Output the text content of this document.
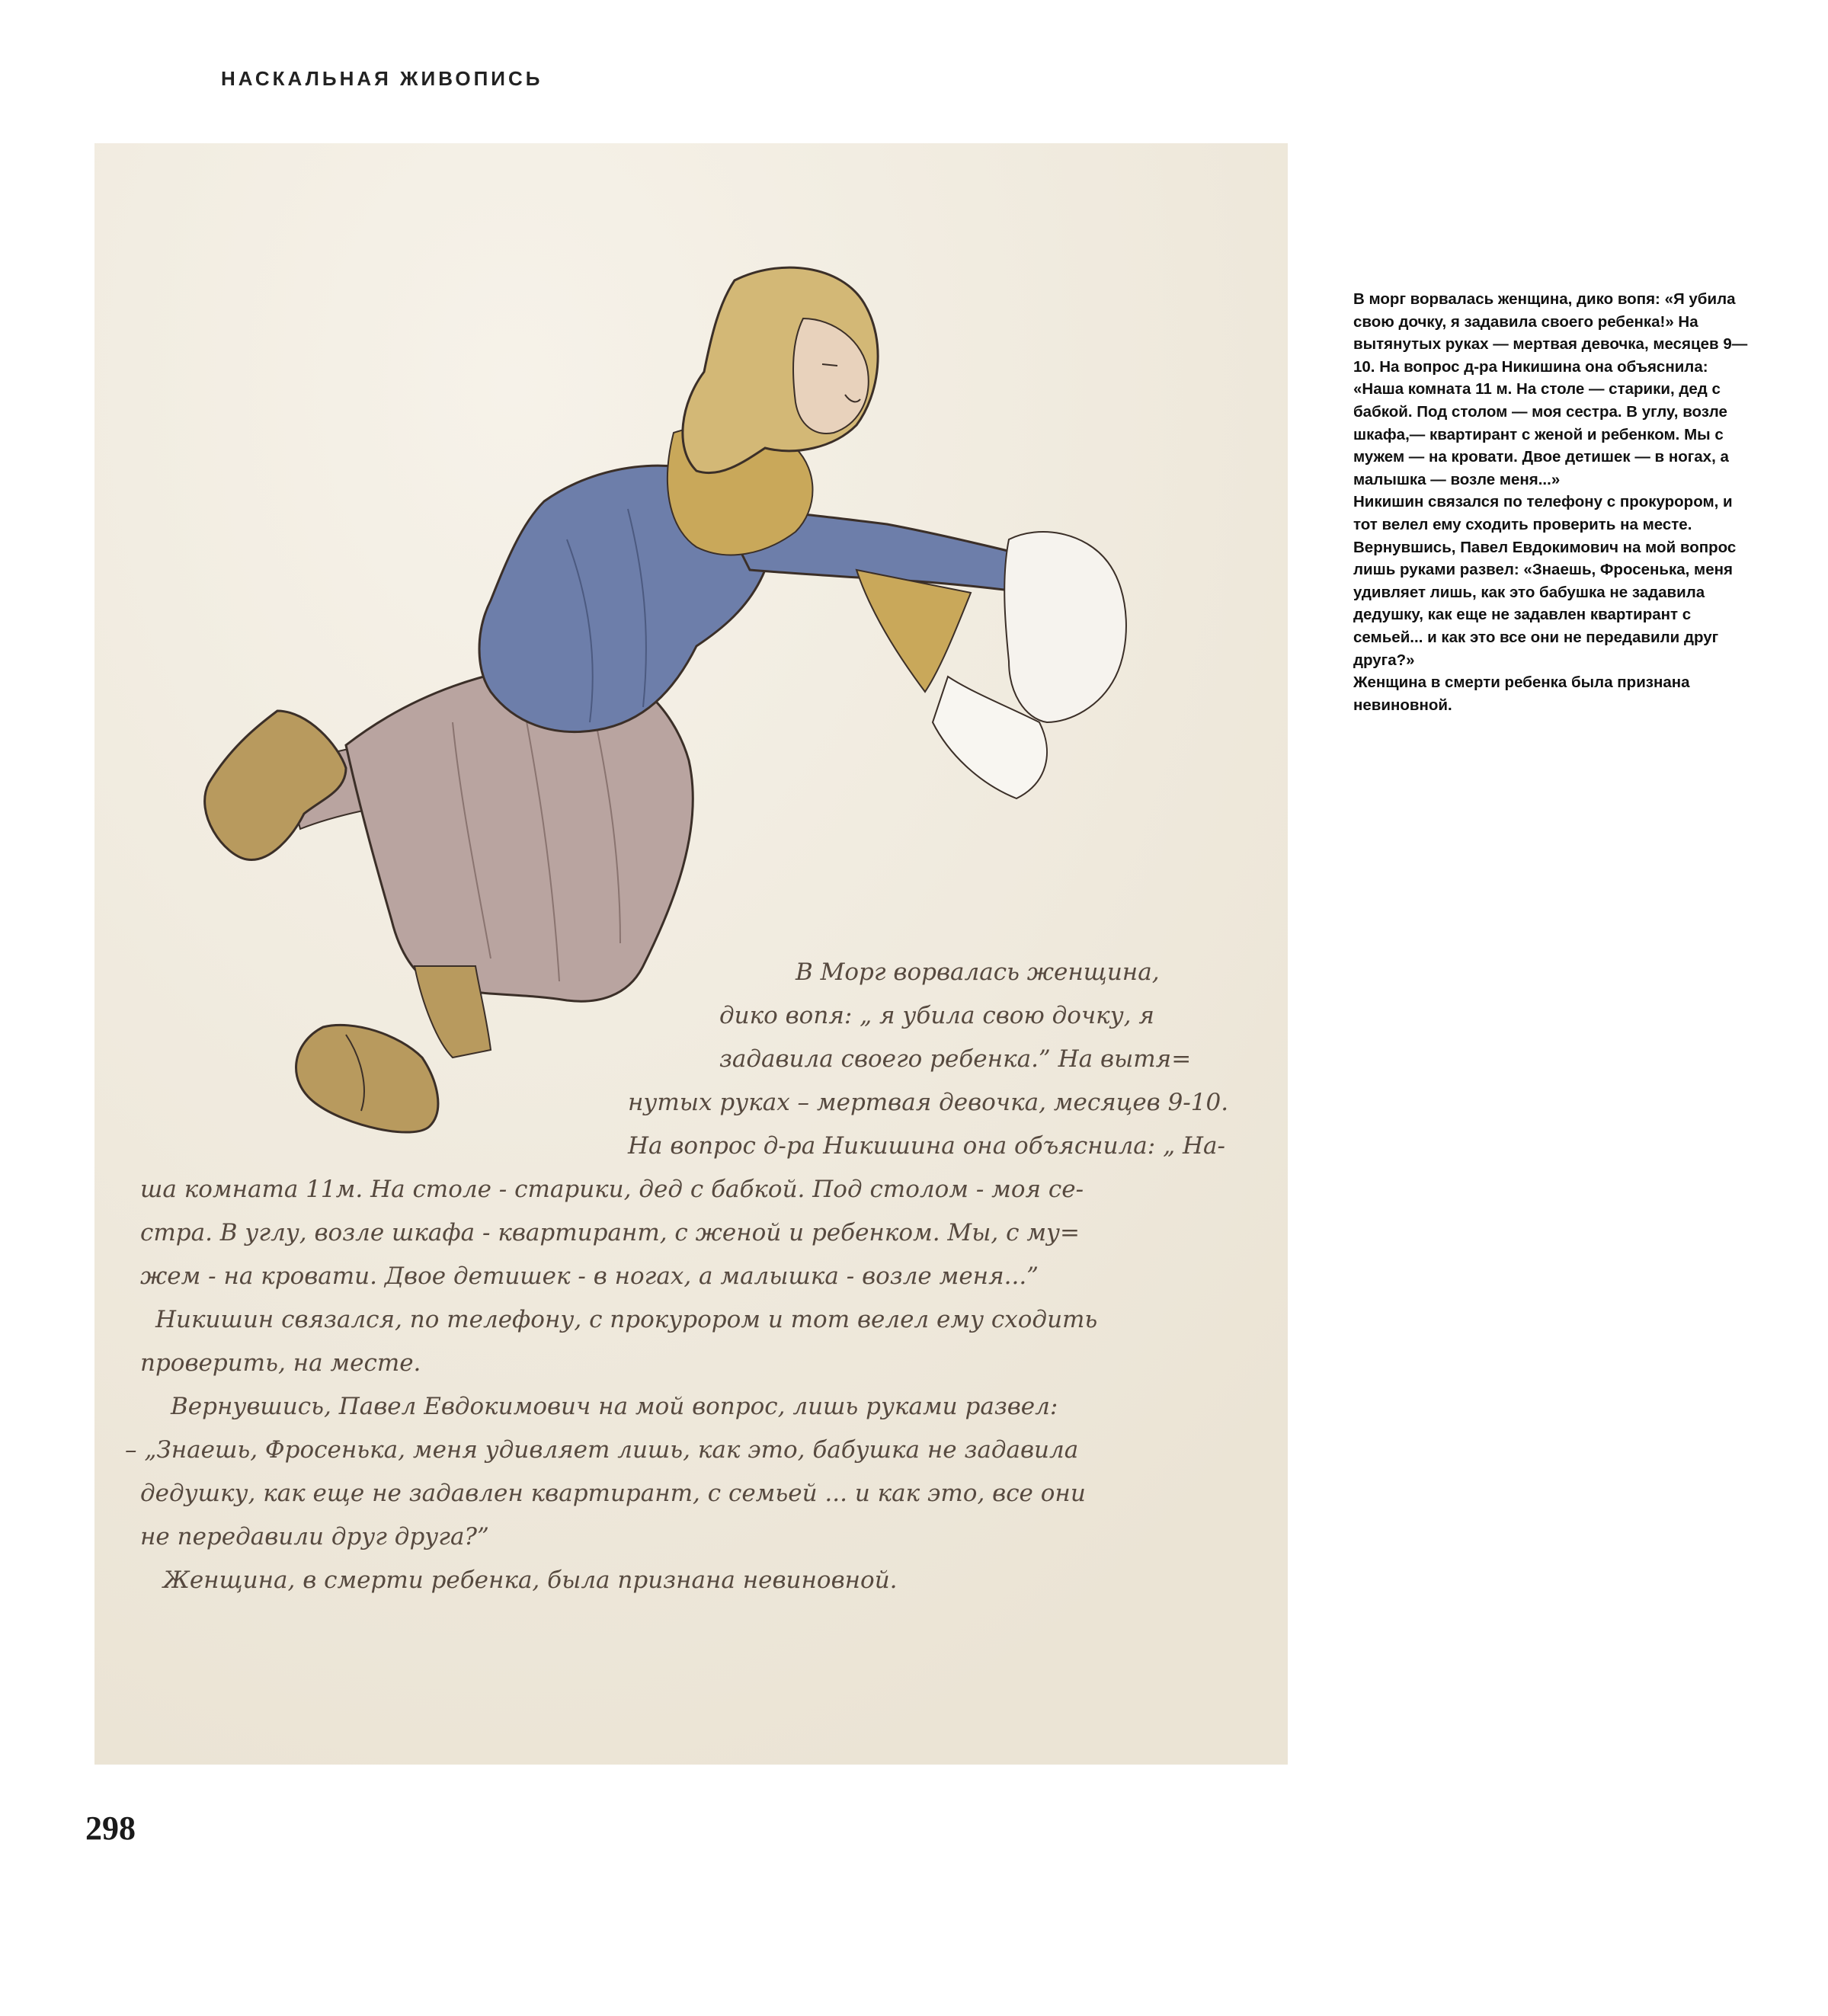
НАСКАЛЬНАЯ ЖИВОПИСЬ
В Морг ворвалась женщина,
дико вопя: „ я убила свою дочку, я
задавила своего ребенка.” На вытя=
нутых руках – мертвая девочка, месяцев 9-10.
На вопрос д-ра Никишина она объяснила: „ На-
ша комната 11м. На столе - старики, дед с бабкой. Под столом - моя се-
стра. В углу, возле шкафа - квартирант, с женой и ребенком. Мы, с му=
жем - на кровати. Двое детишек - в ногах, а малышка - возле меня...”
Никишин связался, по телефону, с прокурором и тот велел ему сходить
проверить, на месте.
Вернувшись, Павел Евдокимович на мой вопрос, лишь руками развел:
– „Знаешь, Фросенька, меня удивляет лишь, как это, бабушка не задавила
дедушку, как еще не задавлен квартирант, с семьей ... и как это, все они
не передавили друг друга?”
Женщина, в смерти ребенка, была признана невиновной.

В морг ворвалась женщина, дико вопя: «Я убила свою дочку, я задавила своего ребенка!» На вытянутых руках — мертвая девочка, месяцев 9—10. На вопрос д-ра Никишина она объяснила: «Наша комната 11 м. На столе — старики, дед с бабкой. Под столом — моя сестра. В углу, возле шкафа,— квартирант с женой и ребенком. Мы с мужем — на кровати. Двое детишек — в ногах, а малышка — возле меня...»

Никишин связался по телефону с прокурором, и тот велел ему сходить проверить на месте.

Вернувшись, Павел Евдокимович на мой вопрос лишь руками развел: «Знаешь, Фросенька, меня удивляет лишь, как это бабушка не задавила дедушку, как еще не задавлен квартирант с семьей... и как это все они не передавили друг друга?»

Женщина в смерти ребенка была признана невиновной.

298
